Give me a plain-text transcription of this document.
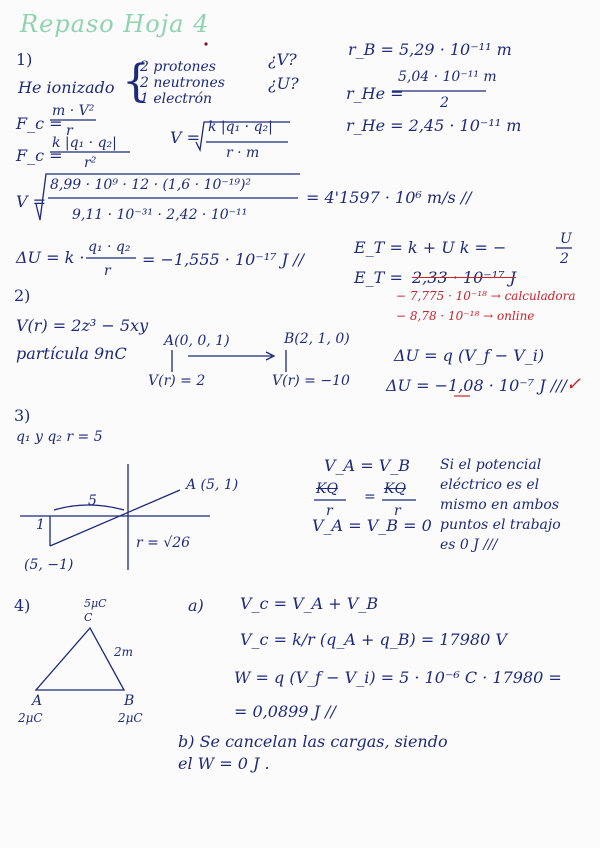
Repaso Hoja 4
1)
He ionizado {
2 protones
2 neutrones
1 electrón
¿V?
¿U?
r_B = 5,29 · 10⁻¹¹ m
r_He =
5,04 · 10⁻¹¹ m
2
r_He = 2,45 · 10⁻¹¹ m
F_c =
m · V²
r
F_c =
k |q₁ · q₂|
r²
V =
k |q₁ · q₂|
r · m
V =
8,99 · 10⁹ · 12 · (1,6 · 10⁻¹⁹)²
9,11 · 10⁻³¹ · 2,42 · 10⁻¹¹
= 4'1597 · 10⁶ m/s //
ΔU = k ·
q₁ · q₂
r
= −1,555 · 10⁻¹⁷ J //
E_T = k + U k = −	U
2
E_T = 2,33 · 10⁻¹⁷ J
− 7,775 · 10⁻¹⁸ → calculadora
− 8,78 · 10⁻¹⁸ → online
2)
V(r) = 2z³ − 5xy
partícula 9nC
A(0, 0, 1)	B(2, 1, 0)
V(r) = 2	V(r) = −10
ΔU = q (V_f − V_i)
ΔU = −1,08 · 10⁻⁷ J /// ✓
3)
q₁ y q₂ r = 5
A (5, 1)
(5, −1)
5
1
r = √26
V_A = V_B
KQ	KQ
r	r
=
V_A = V_B = 0
Si el potencial
eléctrico es el
mismo en ambos
puntos el trabajo
es 0 J ///
4)	5μC
C
2m
A
2μC
B
2μC
a) V_c = V_A + V_B
V_c = k/r (q_A + q_B) = 17980 V
W = q (V_f − V_i) = 5 · 10⁻⁶ C · 17980 =
= 0,0899 J //
b) Se cancelan las cargas, siendo
el W = 0 J .
